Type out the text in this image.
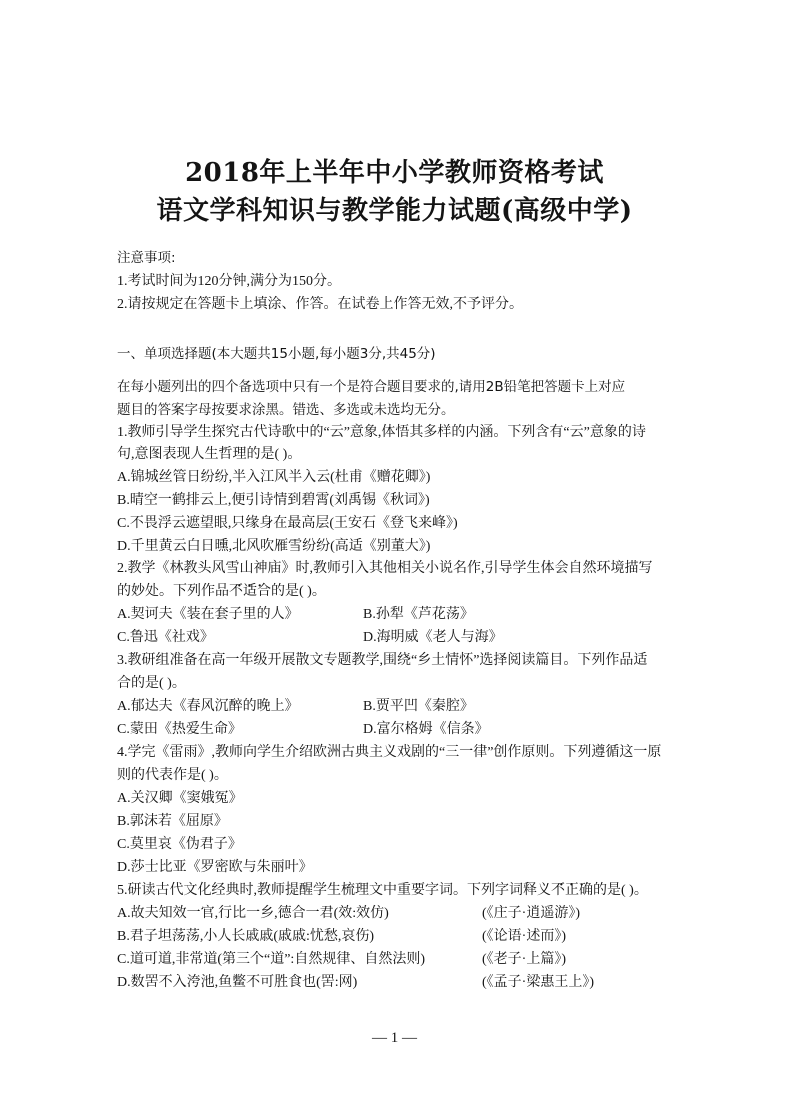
2018年上半年中小学教师资格考试
语文学科知识与教学能力试题(高级中学)
注意事项:
1.考试时间为120分钟,满分为150分。
2.请按规定在答题卡上填涂、作答。在试卷上作答无效,不予评分。
一、单项选择题(本大题共15小题,每小题3分,共45分)
在每小题列出的四个备选项中只有一个是符合题目要求的,请用2B铅笔把答题卡上对应
题目的答案字母按要求涂黑。错选、多选或未选均无分。
1.教师引导学生探究古代诗歌中的“云”意象,体悟其多样的内涵。下列含有“云”意象的诗
句,意图表现人生哲理的是( )。
A.锦城丝管日纷纷,半入江风半入云(杜甫《赠花卿》)
B.晴空一鹤排云上,便引诗情到碧霄(刘禹锡《秋词》)
C.不畏浮云遮望眼,只缘身在最高层(王安石《登飞来峰》)
D.千里黄云白日曛,北风吹雁雪纷纷(高适《别董大》)
2.教学《林教头风雪山神庙》时,教师引入其他相关小说名作,引导学生体会自然环境描写
的妙处。下列作品不适合 · · ·的是( )。
A.契诃夫《装在套子里的人》	B.孙犁《芦花荡》
C.鲁迅《社戏》	D.海明威《老人与海》
3.教研组准备在高一年级开展散文专题教学,围绕“乡土情怀”选择阅读篇目。下列作品适
合的是( )。
A.郁达夫《春风沉醉的晚上》	B.贾平凹《秦腔》
C.蒙田《热爱生命》	D.富尔格姆《信条》
4.学完《雷雨》,教师向学生介绍欧洲古典主义戏剧的“三一律”创作原则。下列遵循这一原
则的代表作是( )。
A.关汉卿《窦娥冤》
B.郭沫若《屈原》
C.莫里哀《伪君子》
D.莎士比亚《罗密欧与朱丽叶》
5.研读古代文化经典时,教师提醒学生梳理文中重要字词。下列字词释义不正确 · · ·的是( )。
A.故夫知效一官,行比一乡,德合一君(效:效仿)	(《庄子·逍遥游》)
B.君子坦荡荡,小人长戚戚(戚戚:忧愁,哀伤)	(《论语·述而》)
C.道可道,非常道(第三个“道”:自然规律、自然法则)	(《老子·上篇》)
D.数罟不入洿池,鱼鳖不可胜食也(罟:网)	(《孟子·梁惠王上》)
— 1 —
